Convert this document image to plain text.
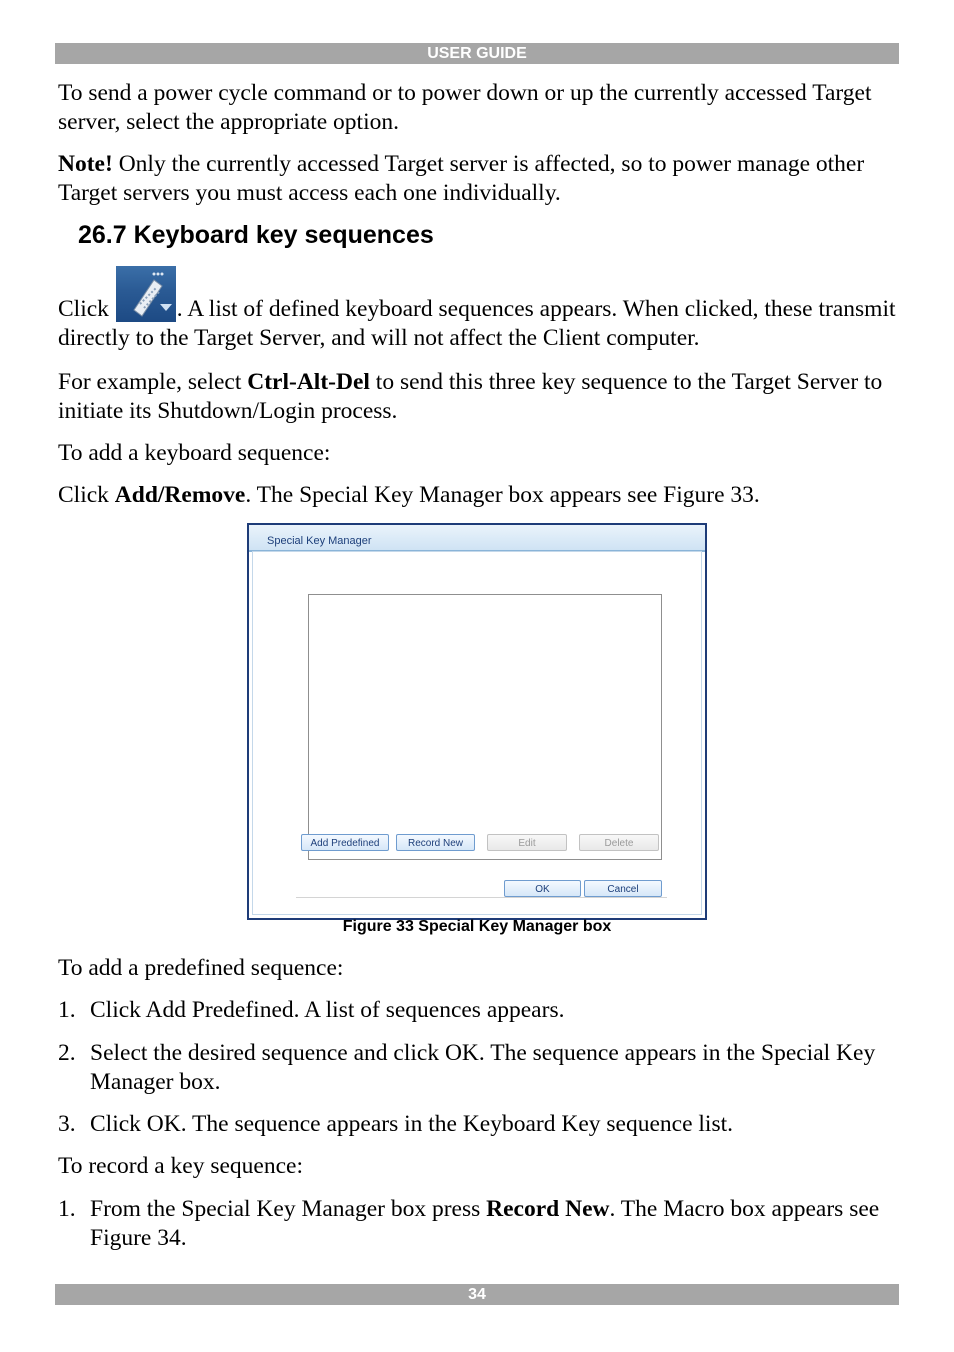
USER GUIDE

To send a power cycle command or to power down or up the currently accessed Target server, select the appropriate option.

Note! Only the currently accessed Target server is affected, so to power manage other Target servers you must access each one individually.

26.7 Keyboard key sequences

Click	. A list of defined keyboard sequences appears. When clicked, these transmit directly to the Target Server, and will not affect the Client computer.

For example, select Ctrl-Alt-Del to send this three key sequence to the Target Server to initiate its Shutdown/Login process.

To add a keyboard sequence:

Click Add/Remove. The Special Key Manager box appears see Figure 33.

Special Key Manager
Add Predefined	Record New	Edit	Delete
OK	Cancel
Figure 33 Special Key Manager box

To add a predefined sequence:

1. Click Add Predefined. A list of sequences appears.
2. Select the desired sequence and click OK. The sequence appears in the Special Key Manager box.
3. Click OK. The sequence appears in the Keyboard Key sequence list.

To record a key sequence:

1. From the Special Key Manager box press Record New. The Macro box appears see Figure 34.
34
